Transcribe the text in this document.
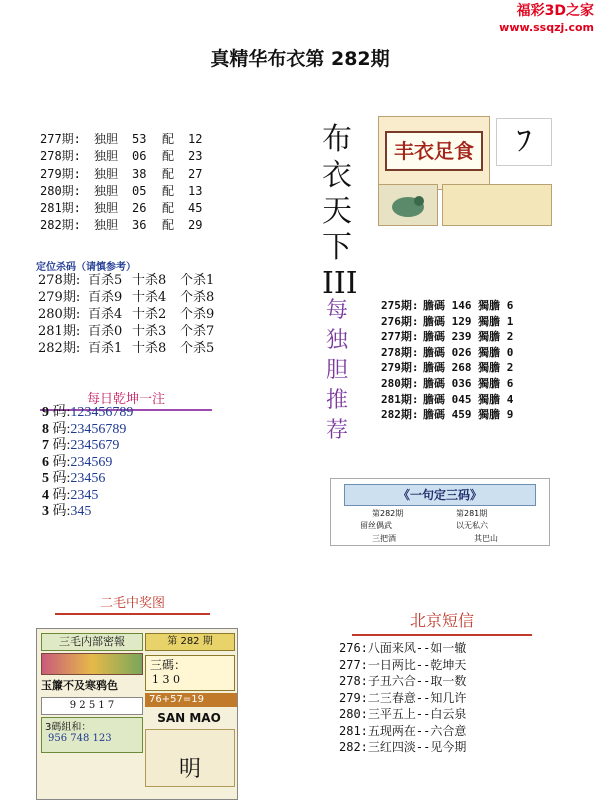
福彩3D之家
www.ssqzj.com
真精华布衣第 282期
277期: 独胆 53 配 12
278期: 独胆 06 配 23
279期: 独胆 38 配 27
280期: 独胆 05 配 13
281期: 独胆 26 配 45
282期: 独胆 36 配 29
定位杀码（请慎参考）
278期: 百杀5 十杀8 个杀1
279期: 百杀9 十杀4 个杀8
280期: 百杀4 十杀2 个杀9
281期: 百杀0 十杀3 个杀7
282期: 百杀1 十杀8 个杀5
每日乾坤一注
9 码:123456789
8 码:23456789
7 码:2345679
6 码:234569
5 码:23456
4 码:2345
3 码:345
二毛中奖图
三毛内部密報	第 282 期
玉簾不及寒鸦色
9 2 5 1 7
三碼：
1 3 0
76+57=19
3碼組和：
956 748 123
SAN MAO
明
布
衣
天
下
III
丰衣足食	ﾌ
每
独
胆
推
荐
275期: 膽碼 146 獨膽 6
276期: 膽碼 129 獨膽 1
277期: 膽碼 239 獨膽 2
278期: 膽碼 026 獨膽 0
279期: 膽碼 268 獨膽 2
280期: 膽碼 036 獨膽 6
281期: 膽碼 045 獨膽 4
282期: 膽碼 459 獨膽 9
《一句定三码》
第282期	第281期
留丝偶武	以无私六
三把酒	其巴山
北京短信
276:八面来风--如一辙
277:一日两比--乾坤天
278:子丑六合--取一数
279:二三春意--知几许
280:三平五上--白云泉
281:五现两在--六合意
282:三红四淡--见今期
